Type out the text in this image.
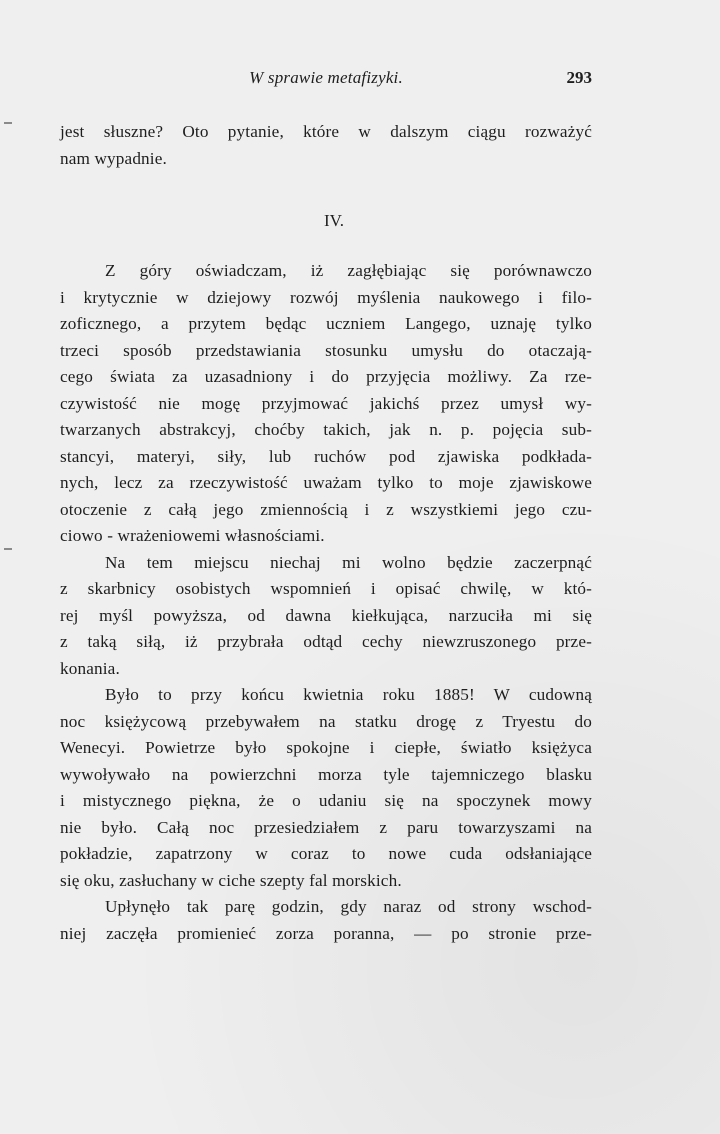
W sprawie metafizyki.	293
jest słuszne? Oto pytanie, które w dalszym ciągu rozważyć
nam wypadnie.
IV.
Z góry oświadczam, iż zagłębiając się porównawczo
i krytycznie w dziejowy rozwój myślenia naukowego i filo-
zoficznego, a przytem będąc uczniem Langego, uznaję tylko
trzeci sposób przedstawiania stosunku umysłu do otaczają-
cego świata za uzasadniony i do przyjęcia możliwy. Za rze-
czywistość nie mogę przyjmować jakichś przez umysł wy-
twarzanych abstrakcyj, choćby takich, jak n. p. pojęcia sub-
stancyi, materyi, siły, lub ruchów pod zjawiska podkłada-
nych, lecz za rzeczywistość uważam tylko to moje zjawiskowe
otoczenie z całą jego zmiennością i z wszystkiemi jego czu-
ciowo - wrażeniowemi własnościami.
Na tem miejscu niechaj mi wolno będzie zaczerpnąć
z skarbnicy osobistych wspomnień i opisać chwilę, w któ-
rej myśl powyższa, od dawna kiełkująca, narzuciła mi się
z taką siłą, iż przybrała odtąd cechy niewzruszonego prze-
konania.
Było to przy końcu kwietnia roku 1885! W cudowną
noc księżycową przebywałem na statku drogę z Tryestu do
Wenecyi. Powietrze było spokojne i ciepłe, światło księżyca
wywoływało na powierzchni morza tyle tajemniczego blasku
i mistycznego piękna, że o udaniu się na spoczynek mowy
nie było. Całą noc przesiedziałem z paru towarzyszami na
pokładzie, zapatrzony w coraz to nowe cuda odsłaniające
się oku, zasłuchany w ciche szepty fal morskich.
Upłynęło tak parę godzin, gdy naraz od strony wschod-
niej zaczęła promienieć zorza poranna, — po stronie prze-
